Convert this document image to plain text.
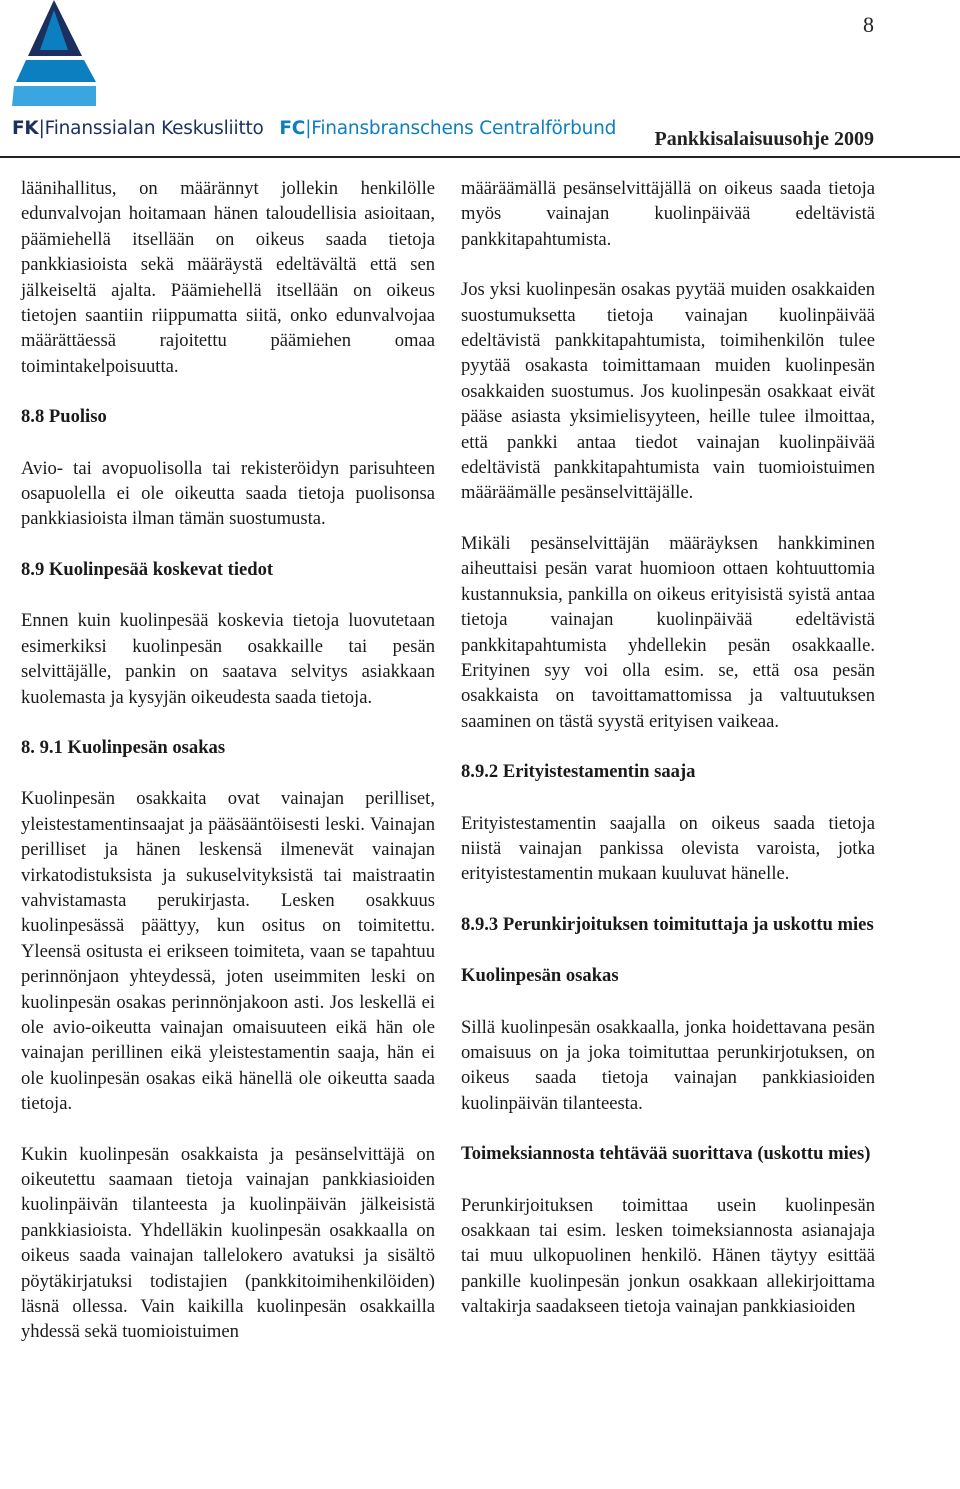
8
FK|Finanssialan Keskusliitto FC|Finansbranschens Centralförbund Pankkisalaisuusohje 2009

läänihallitus, on määrännyt jollekin henkilölle edunvalvojan hoitamaan hänen taloudellisia asioitaan, päämiehellä itsellään on oikeus saada tietoja pankkiasioista sekä määräystä edeltävältä että sen jälkeiseltä ajalta. Päämiehellä itsellään on oikeus tietojen saantiin riippumatta siitä, onko edunvalvojaa määrättäessä rajoitettu päämiehen omaa toimintakelpoisuutta.

8.8 Puoliso

Avio- tai avopuolisolla tai rekisteröidyn parisuhteen osapuolella ei ole oikeutta saada tietoja puolisonsa pankkiasioista ilman tämän suostumusta.

8.9 Kuolinpesää koskevat tiedot

Ennen kuin kuolinpesää koskevia tietoja luovutetaan esimerkiksi kuolinpesän osakkaille tai pesän selvittäjälle, pankin on saatava selvitys asiakkaan kuolemasta ja kysyjän oikeudesta saada tietoja.

8. 9.1 Kuolinpesän osakas

Kuolinpesän osakkaita ovat vainajan perilliset, yleistestamentinsaajat ja pääsääntöisesti leski. Vainajan perilliset ja hänen leskensä ilmenevät vainajan virkatodistuksista ja sukuselvityksistä tai maistraatin vahvistamasta perukirjasta. Lesken osakkuus kuolinpesässä päättyy, kun ositus on toimitettu. Yleensä ositusta ei erikseen toimiteta, vaan se tapahtuu perinnönjaon yhteydessä, joten useimmiten leski on kuolinpesän osakas perinnönjakoon asti. Jos leskellä ei ole avio-oikeutta vainajan omaisuuteen eikä hän ole vainajan perillinen eikä yleistestamentin saaja, hän ei ole kuolinpesän osakas eikä hänellä ole oikeutta saada tietoja.

Kukin kuolinpesän osakkaista ja pesänselvittäjä on oikeutettu saamaan tietoja vainajan pankkiasioiden kuolinpäivän tilanteesta ja kuolinpäivän jälkeisistä pankkiasioista. Yhdelläkin kuolinpesän osakkaalla on oikeus saada vainajan tallelokero avatuksi ja sisältö pöytäkirjatuksi todistajien (pankkitoimihenkilöiden) läsnä ollessa. Vain kaikilla kuolinpesän osakkailla yhdessä sekä tuomioistuimen

määräämällä pesänselvittäjällä on oikeus saada tietoja myös vainajan kuolinpäivää edeltävistä pankkitapahtumista.

Jos yksi kuolinpesän osakas pyytää muiden osakkaiden suostumuksetta tietoja vainajan kuolinpäivää edeltävistä pankkitapahtumista, toimihenkilön tulee pyytää osakasta toimittamaan muiden kuolinpesän osakkaiden suostumus. Jos kuolinpesän osakkaat eivät pääse asiasta yksimielisyyteen, heille tulee ilmoittaa, että pankki antaa tiedot vainajan kuolinpäivää edeltävistä pankkitapahtumista vain tuomioistuimen määräämälle pesänselvittäjälle.

Mikäli pesänselvittäjän määräyksen hankkiminen aiheuttaisi pesän varat huomioon ottaen kohtuuttomia kustannuksia, pankilla on oikeus erityisistä syistä antaa tietoja vainajan kuolinpäivää edeltävistä pankkitapahtumista yhdellekin pesän osakkaalle. Erityinen syy voi olla esim. se, että osa pesän osakkaista on tavoittamattomissa ja valtuutuksen saaminen on tästä syystä erityisen vaikeaa.

8.9.2 Erityistestamentin saaja

Erityistestamentin saajalla on oikeus saada tietoja niistä vainajan pankissa olevista varoista, jotka erityistestamentin mukaan kuuluvat hänelle.

8.9.3 Perunkirjoituksen toimituttaja ja uskottu mies
Kuolinpesän osakas

Sillä kuolinpesän osakkaalla, jonka hoidettavana pesän omaisuus on ja joka toimituttaa perunkirjotuksen, on oikeus saada tietoja vainajan pankkiasioiden kuolinpäivän tilanteesta.

Toimeksiannosta tehtävää suorittava (uskottu mies)

Perunkirjoituksen toimittaa usein kuolinpesän osakkaan tai esim. lesken toimeksiannosta asianajaja tai muu ulkopuolinen henkilö. Hänen täytyy esittää pankille kuolinpesän jonkun osakkaan allekirjoittama valtakirja saadakseen tietoja vainajan pankkiasioiden
